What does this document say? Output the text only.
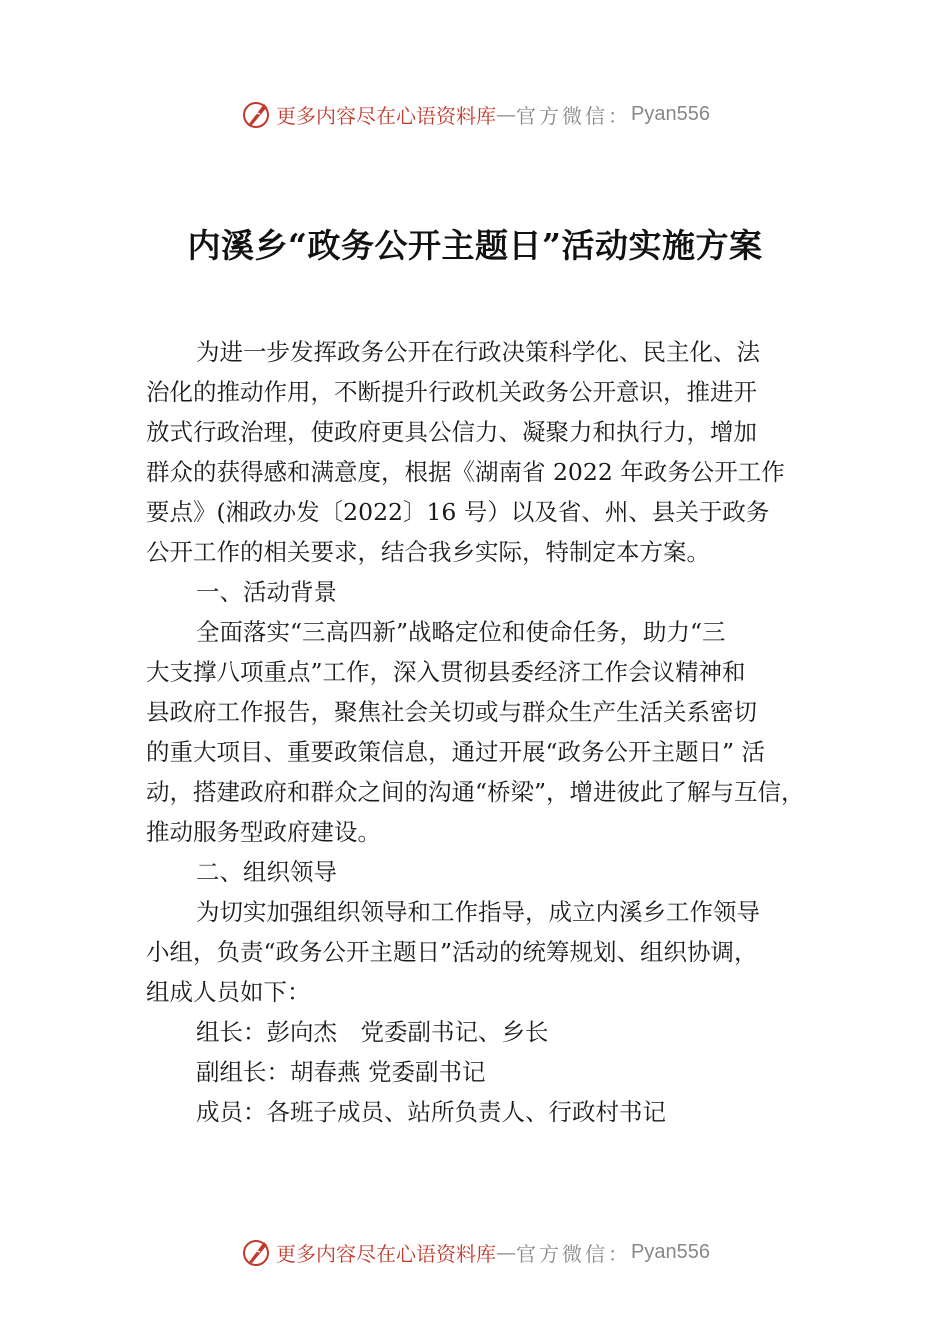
更多内容尽在心语资料库 — 官方微信： Pyan556
内溪乡“政务公开主题日”活动实施方案
为进一步发挥政务公开在行政决策科学化、民主化、法
治化的推动作用，不断提升行政机关政务公开意识，推进开
放式行政治理，使政府更具公信力、凝聚力和执行力，增加
群众的获得感和满意度，根据《湖南省 2022 年政务公开工作
要点》(湘政办发〔2022〕16 号）以及省、州、县关于政务
公开工作的相关要求，结合我乡实际，特制定本方案。
一、活动背景
全面落实“三高四新”战略定位和使命任务，助力“三
大支撑八项重点”工作，深入贯彻县委经济工作会议精神和
县政府工作报告，聚焦社会关切或与群众生产生活关系密切
的重大项目、重要政策信息，通过开展“政务公开主题日” 活
动，搭建政府和群众之间的沟通“桥梁”，增进彼此了解与互信，
推动服务型政府建设。
二、组织领导
为切实加强组织领导和工作指导，成立内溪乡工作领导
小组，负责“政务公开主题日”活动的统筹规划、组织协调，
组成人员如下：
组长：彭向杰　党委副书记、乡长
副组长：胡春燕 党委副书记
成员：各班子成员、站所负责人、行政村书记
更多内容尽在心语资料库 — 官方微信： Pyan556
